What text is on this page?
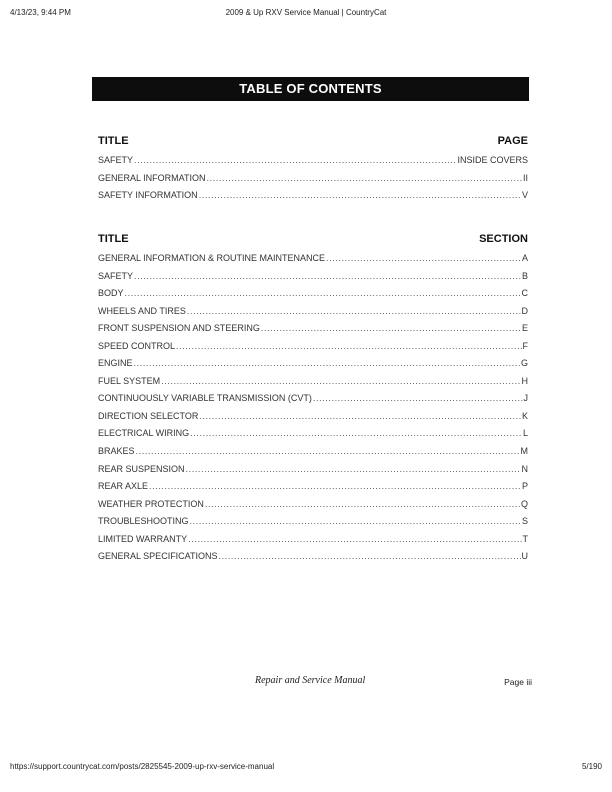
4/13/23, 9:44 PM	2009 & Up RXV Service Manual | CountryCat
TABLE OF CONTENTS
TITLE	PAGE
SAFETY .....	INSIDE COVERS
GENERAL INFORMATION .....	II
SAFETY INFORMATION .....	V
TITLE	SECTION
GENERAL INFORMATION & ROUTINE MAINTENANCE .....	A
SAFETY .....	B
BODY .....	C
WHEELS AND TIRES .....	D
FRONT SUSPENSION AND STEERING .....	E
SPEED CONTROL .....	F
ENGINE .....	G
FUEL SYSTEM .....	H
CONTINUOUSLY VARIABLE TRANSMISSION (CVT) .....	J
DIRECTION SELECTOR .....	K
ELECTRICAL WIRING .....	L
BRAKES .....	M
REAR SUSPENSION .....	N
REAR AXLE .....	P
WEATHER PROTECTION .....	Q
TROUBLESHOOTING .....	S
LIMITED WARRANTY .....	T
GENERAL SPECIFICATIONS .....	U
Repair and Service Manual	Page iii
https://support.countrycat.com/posts/2825545-2009-up-rxv-service-manual	5/190
